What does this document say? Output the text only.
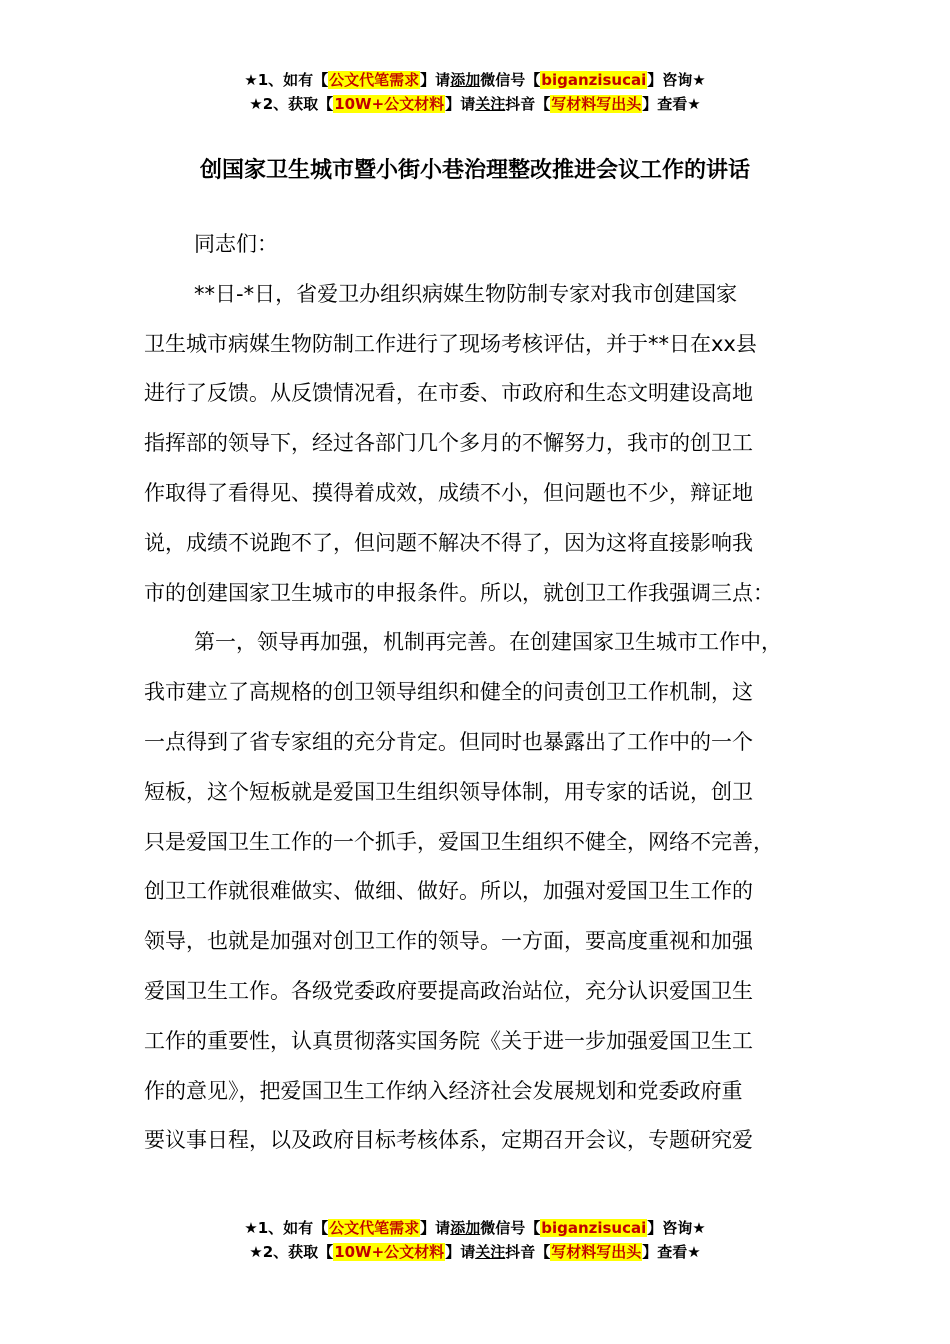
★1、如有【公文代笔需求】请添加微信号【biganzisucai】咨询★
★2、获取【10W+公文材料】请关注抖音【写材料写出头】查看★
创国家卫生城市暨小街小巷治理整改推进会议工作的讲话
同志们：
**日-*日，省爱卫办组织病媒生物防制专家对我市创建国家
卫生城市病媒生物防制工作进行了现场考核评估，并于**日在xx县
进行了反馈。从反馈情况看，在市委、市政府和生态文明建设高地
指挥部的领导下，经过各部门几个多月的不懈努力，我市的创卫工
作取得了看得见、摸得着成效，成绩不小，但问题也不少，辩证地
说，成绩不说跑不了，但问题不解决不得了，因为这将直接影响我
市的创建国家卫生城市的申报条件。所以，就创卫工作我强调三点：
第一，领导再加强，机制再完善。在创建国家卫生城市工作中，
我市建立了高规格的创卫领导组织和健全的问责创卫工作机制，这
一点得到了省专家组的充分肯定。但同时也暴露出了工作中的一个
短板，这个短板就是爱国卫生组织领导体制，用专家的话说，创卫
只是爱国卫生工作的一个抓手，爱国卫生组织不健全，网络不完善，
创卫工作就很难做实、做细、做好。所以，加强对爱国卫生工作的
领导，也就是加强对创卫工作的领导。一方面，要高度重视和加强
爱国卫生工作。各级党委政府要提高政治站位，充分认识爱国卫生
工作的重要性，认真贯彻落实国务院《关于进一步加强爱国卫生工
作的意见》，把爱国卫生工作纳入经济社会发展规划和党委政府重
要议事日程，以及政府目标考核体系，定期召开会议，专题研究爱
★1、如有【公文代笔需求】请添加微信号【biganzisucai】咨询★
★2、获取【10W+公文材料】请关注抖音【写材料写出头】查看★
